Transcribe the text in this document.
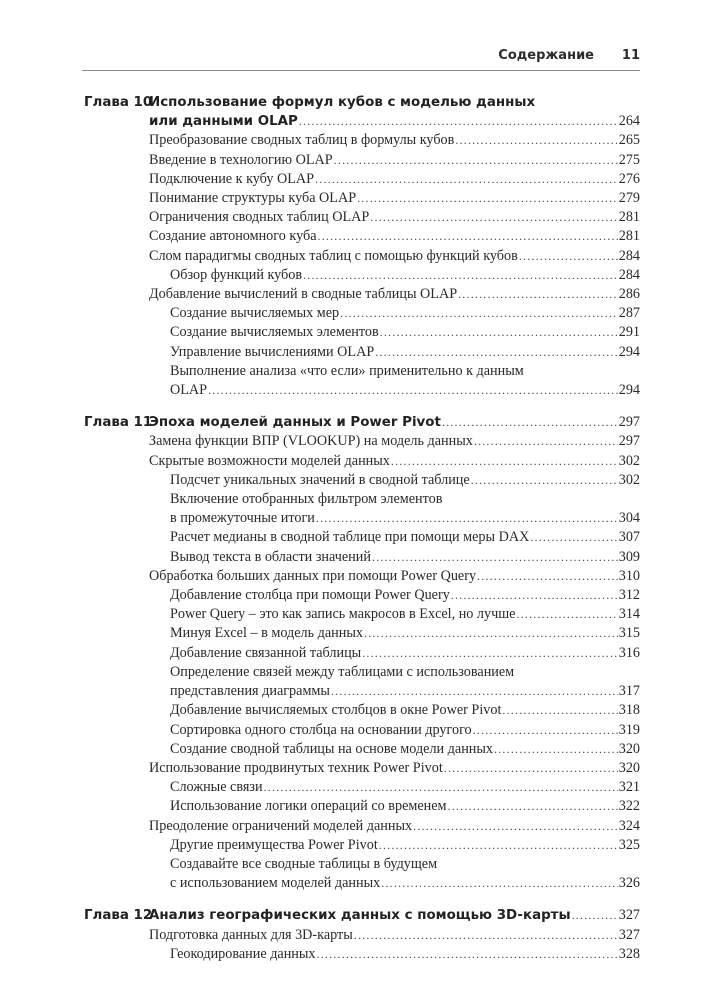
Содержание 11
Глава 10
Использование формул кубов с моделью данных
или данными OLAP .....	264
Преобразование сводных таблиц в формулы кубов .....	265
Введение в технологию OLAP .....	275
Подключение к кубу OLAP .....	276
Понимание структуры куба OLAP .....	279
Ограничения сводных таблиц OLAP .....	281
Создание автономного куба .....	281
Слом парадигмы сводных таблиц с помощью функций кубов .....	284
Обзор функций кубов .....	284
Добавление вычислений в сводные таблицы OLAP .....	286
Создание вычисляемых мер .....	287
Создание вычисляемых элементов .....	291
Управление вычислениями OLAP .....	294
Выполнение анализа «что если» применительно к данным
OLAP .....	294
Глава 11
Эпоха моделей данных и Power Pivot .....	297
Замена функции ВПР (VLOOKUP) на модель данных .....	297
Скрытые возможности моделей данных .....	302
Подсчет уникальных значений в сводной таблице .....	302
Включение отобранных фильтром элементов
в промежуточные итоги .....	304
Расчет медианы в сводной таблице при помощи меры DAX .....	307
Вывод текста в области значений .....	309
Обработка больших данных при помощи Power Query .....	310
Добавление столбца при помощи Power Query .....	312
Power Query – это как запись макросов в Excel, но лучше .....	314
Минуя Excel – в модель данных .....	315
Добавление связанной таблицы .....	316
Определение связей между таблицами с использованием
представления диаграммы .....	317
Добавление вычисляемых столбцов в окне Power Pivot .....	318
Сортировка одного столбца на основании другого .....	319
Создание сводной таблицы на основе модели данных .....	320
Использование продвинутых техник Power Pivot .....	320
Сложные связи .....	321
Использование логики операций со временем .....	322
Преодоление ограничений моделей данных .....	324
Другие преимущества Power Pivot .....	325
Создавайте все сводные таблицы в будущем
с использованием моделей данных .....	326
Глава 12
Анализ географических данных с помощью 3D-карты .....	327
Подготовка данных для 3D-карты .....	327
Геокодирование данных .....	328
